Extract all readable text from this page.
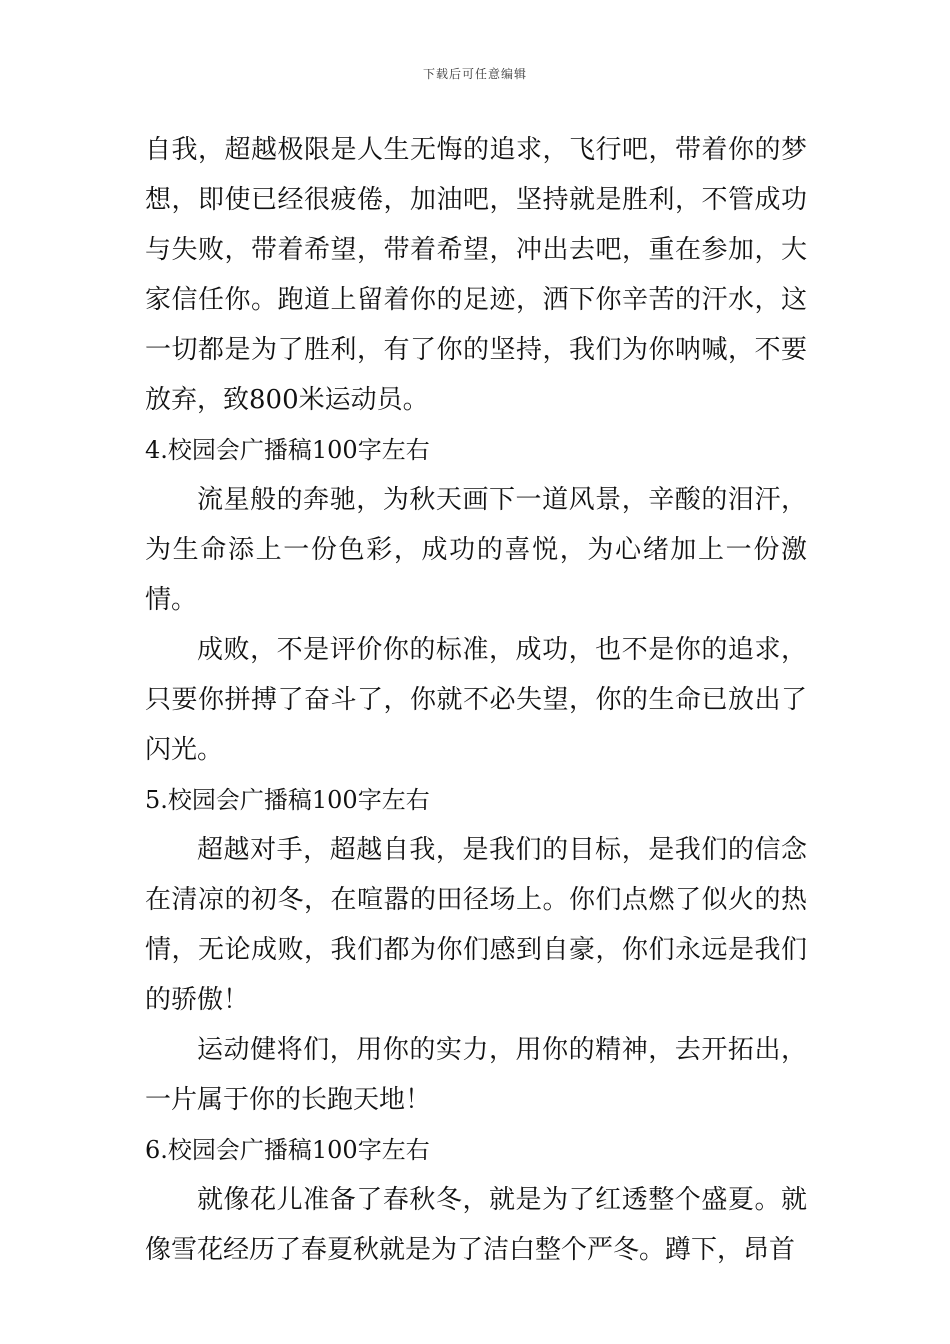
下载后可任意编辑

自我，超越极限是人生无悔的追求，飞行吧，带着你的梦想，即使已经很疲倦，加油吧，坚持就是胜利，不管成功与失败，带着希望，带着希望，冲出去吧，重在参加，大家信任你。跑道上留着你的足迹，洒下你辛苦的汗水，这一切都是为了胜利，有了你的坚持，我们为你呐喊，不要放弃，致800米运动员。

4.校园会广播稿100字左右

流星般的奔驰，为秋天画下一道风景，辛酸的泪汗，为生命添上一份色彩，成功的喜悦，为心绪加上一份激情。

成败，不是评价你的标准，成功，也不是你的追求，只要你拼搏了奋斗了，你就不必失望，你的生命已放出了闪光。

5.校园会广播稿100字左右

超越对手，超越自我，是我们的目标，是我们的信念在清凉的初冬，在喧嚣的田径场上。你们点燃了似火的热情，无论成败，我们都为你们感到自豪，你们永远是我们的骄傲！

运动健将们，用你的实力，用你的精神，去开拓出，一片属于你的长跑天地！

6.校园会广播稿100字左右

就像花儿准备了春秋冬，就是为了红透整个盛夏。就像雪花经历了春夏秋就是为了洁白整个严冬。蹲下，昂首
